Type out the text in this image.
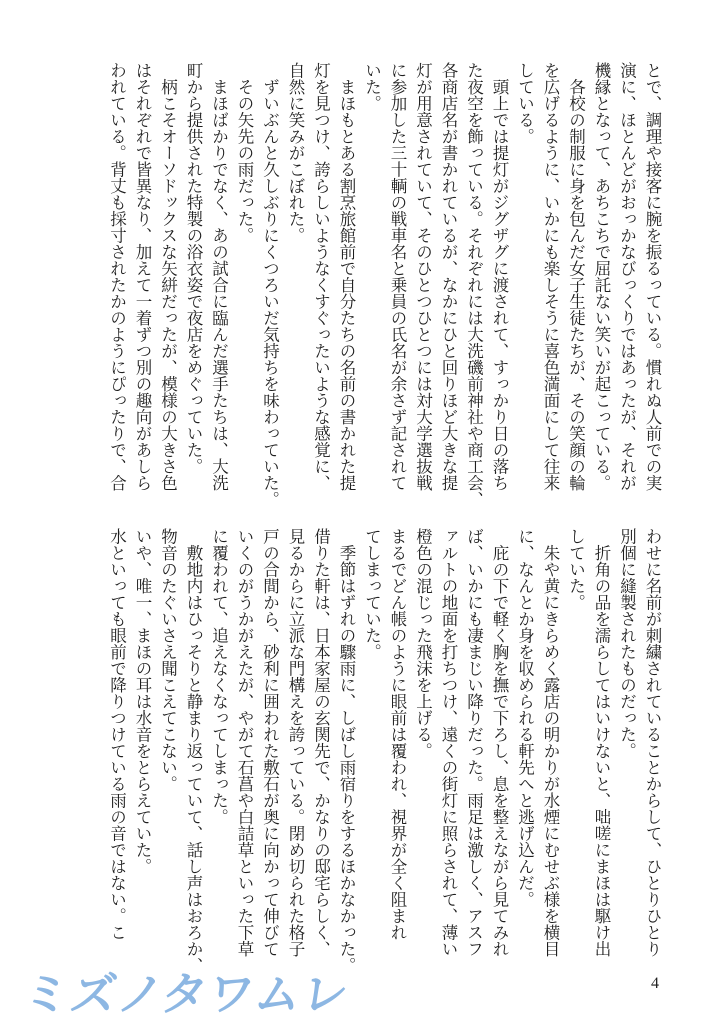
とで、調理や接客に腕を振るっている。慣れぬ人前での実
演に、ほとんどがおっかなびっくりではあったが、それが
機縁となって、あちこちで屈託ない笑いが起こっている。
　各校の制服に身を包んだ女子生徒たちが、その笑顔の輪
を広げるように、いかにも楽しそうに喜色満面にして往来
している。
　頭上では提灯がジグザグに渡されて、すっかり日の落ち
た夜空を飾っている。それぞれには大洗磯前神社や商工会、
各商店名が書かれているが、なかにひと回りほど大きな提
灯が用意されていて、そのひとつひとつには対大学選抜戦
に参加した三十輌の戦車名と乗員の氏名が余さず記されて
いた。
　まほもとある割烹旅館前で自分たちの名前の書かれた提
灯を見つけ、誇らしいようなくすぐったいような感覚に、
自然に笑みがこぼれた。
　ずいぶんと久しぶりにくつろいだ気持ちを味わっていた。
　その矢先の雨だった。
　まほばかりでなく、あの試合に臨んだ選手たちは、大洗
町から提供された特製の浴衣姿で夜店をめぐっていた。
　柄こそオーソドックスな矢絣だったが、模様の大きさ色
はそれぞれで皆異なり、加えて一着ずつ別の趣向があしら
われている。背丈も採寸されたかのようにぴったりで、合
わせに名前が刺繍されていることからして、ひとりひとり
別個に縫製されたものだった。
　折角の品を濡らしてはいけないと、咄嗟にまほは駆け出
していた。
　朱や黄にきらめく露店の明かりが水煙にむせぶ様を横目
に、なんとか身を収められる軒先へと逃げ込んだ。
　庇の下で軽く胸を撫で下ろし、息を整えながら見てみれ
ば、いかにも凄まじい降りだった。雨足は激しく、アスフ
ァルトの地面を打ちつけ、遠くの街灯に照らされて、薄い
橙色の混じった飛沫を上げる。
まるでどん帳のように眼前は覆われ、視界が全く阻まれ
てしまっていた。
　季節はずれの驟雨に、しばし雨宿りをするほかなかった。
借りた軒は、日本家屋の玄関先で、かなりの邸宅らしく、
見るからに立派な門構えを誇っている。閉め切られた格子
戸の合間から、砂利に囲われた敷石が奥に向かって伸びて
いくのがうかがえたが、やがて石菖や白詰草といった下草
に覆われて、追えなくなってしまった。
　敷地内はひっそりと静まり返っていて、話し声はおろか、
物音のたぐいさえ聞こえてこない。
いや、唯一、まほの耳は水音をとらえていた。
水といっても眼前で降りつけている雨の音ではない。こ
ミズノタワムレ	4
